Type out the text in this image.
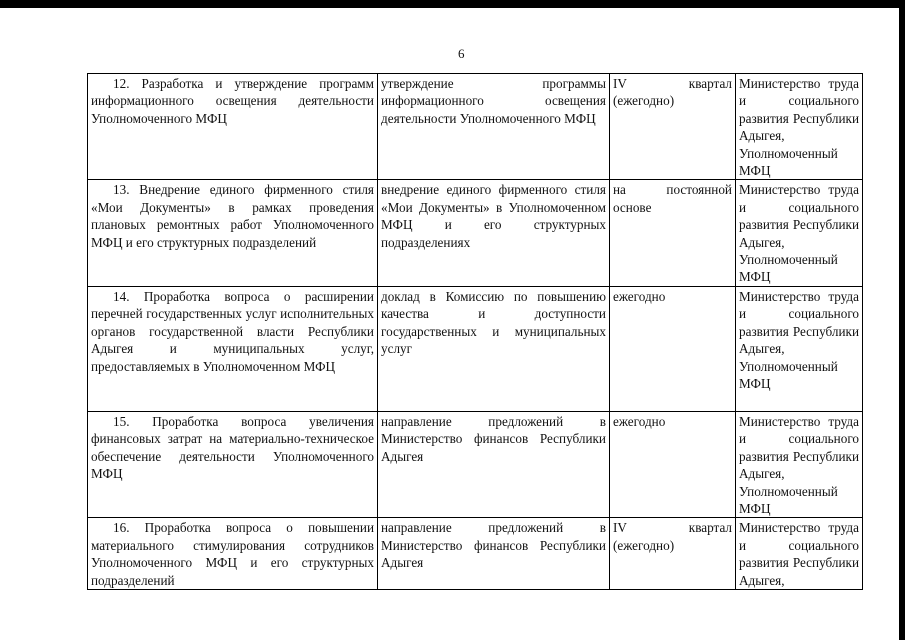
6
12. Разработка и утверждение программ информационного освещения деятельности Уполномоченного МФЦ	утверждение программы информационного освещения деятельности Уполномоченного МФЦ	IV квартал (ежегодно)	Министерство труда и социального развития Республики Адыгея, Уполномоченный МФЦ
13. Внедрение единого фирменного стиля «Мои Документы» в рамках проведения плановых ремонтных работ Уполномоченного МФЦ и его структурных подразделений	внедрение единого фирменного стиля «Мои Документы» в Уполномоченном МФЦ и его структурных подразделениях	на постоянной основе	Министерство труда и социального развития Республики Адыгея, Уполномоченный МФЦ
14. Проработка вопроса о расширении перечней государственных услуг исполнительных органов государственной власти Республики Адыгея и муниципальных услуг, предоставляемых в Уполномоченном МФЦ	доклад в Комиссию по повышению качества и доступности государственных и муниципальных услуг	ежегодно	Министерство труда и социального развития Республики Адыгея, Уполномоченный МФЦ
15. Проработка вопроса увеличения финансовых затрат на материально-техническое обеспечение деятельности Уполномоченного МФЦ	направление предложений в Министерство финансов Республики Адыгея	ежегодно	Министерство труда и социального развития Республики Адыгея, Уполномоченный МФЦ
16. Проработка вопроса о повышении материального стимулирования сотрудников Уполномоченного МФЦ и его структурных подразделений	направление предложений в Министерство финансов Республики Адыгея	IV квартал (ежегодно)	Министерство труда и социального развития Республики Адыгея,
